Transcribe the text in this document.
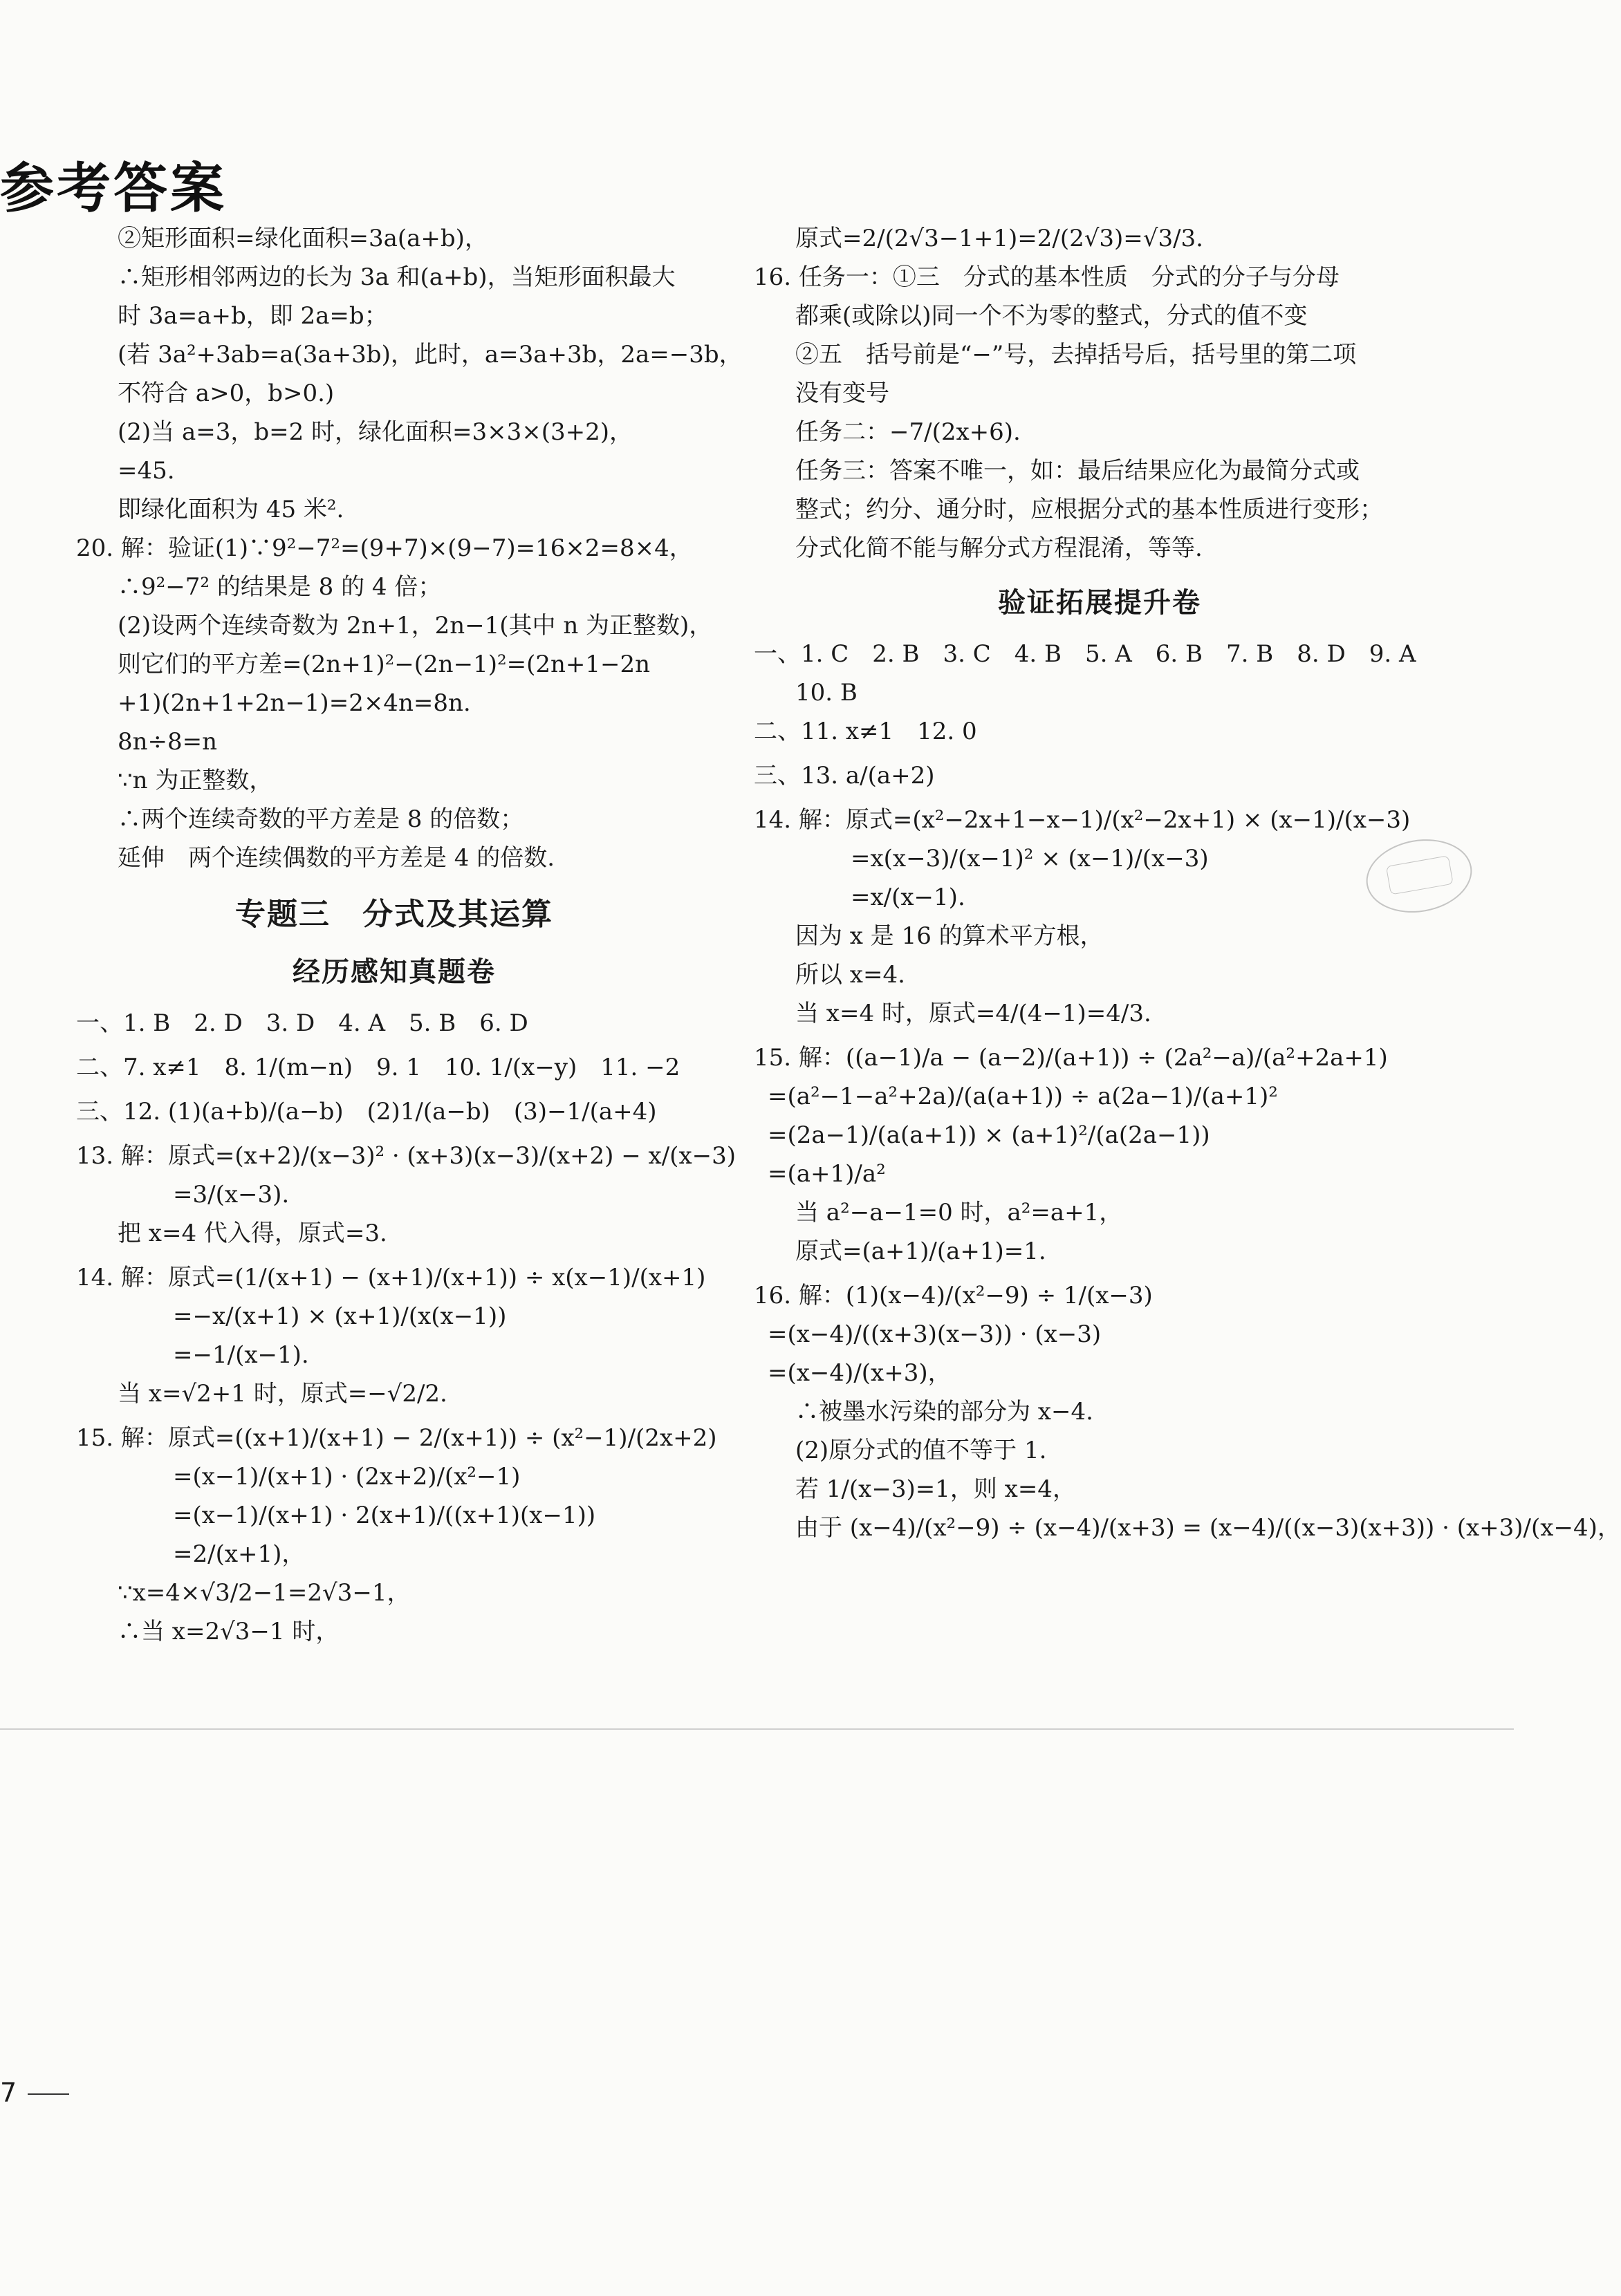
参考答案
②矩形面积=绿化面积=3a(a+b)，
∴矩形相邻两边的长为 3a 和(a+b)，当矩形面积最大
时 3a=a+b，即 2a=b；
(若 3a²+3ab=a(3a+3b)，此时，a=3a+3b，2a=−3b，
不符合 a>0，b>0.)
(2)当 a=3，b=2 时，绿化面积=3×3×(3+2)，
=45.
即绿化面积为 45 米².
20. 解：验证(1)∵9²−7²=(9+7)×(9−7)=16×2=8×4，
∴9²−7² 的结果是 8 的 4 倍；
(2)设两个连续奇数为 2n+1，2n−1(其中 n 为正整数)，
则它们的平方差=(2n+1)²−(2n−1)²=(2n+1−2n
+1)(2n+1+2n−1)=2×4n=8n.
8n÷8=n
∵n 为正整数，
∴两个连续奇数的平方差是 8 的倍数；
延伸　两个连续偶数的平方差是 4 的倍数.
专题三　分式及其运算
经历感知真题卷
一、1. B　2. D　3. D　4. A　5. B　6. D
二、7. x≠1　8. 1/(m−n)　9. 1　10. 1/(x−y)　11. −2
三、12. (1)(a+b)/(a−b)　(2)1/(a−b)　(3)−1/(a+4)
13. 解：原式=(x+2)/(x−3)² · (x+3)(x−3)/(x+2) − x/(x−3)
=3/(x−3).
把 x=4 代入得，原式=3.
14. 解：原式=(1/(x+1) − (x+1)/(x+1)) ÷ x(x−1)/(x+1)
=−x/(x+1) × (x+1)/(x(x−1))
=−1/(x−1).
当 x=√2+1 时，原式=−√2/2.
15. 解：原式=((x+1)/(x+1) − 2/(x+1)) ÷ (x²−1)/(2x+2)
=(x−1)/(x+1) · (2x+2)/(x²−1)
=(x−1)/(x+1) · 2(x+1)/((x+1)(x−1))
=2/(x+1)，
∵x=4×√3/2−1=2√3−1，
∴当 x=2√3−1 时，
原式=2/(2√3−1+1)=2/(2√3)=√3/3.
16. 任务一：①三　分式的基本性质　分式的分子与分母
都乘(或除以)同一个不为零的整式，分式的值不变
②五　括号前是“−”号，去掉括号后，括号里的第二项
没有变号
任务二：−7/(2x+6).
任务三：答案不唯一，如：最后结果应化为最简分式或
整式；约分、通分时，应根据分式的基本性质进行变形；
分式化简不能与解分式方程混淆，等等.
验证拓展提升卷
一、1. C　2. B　3. C　4. B　5. A　6. B　7. B　8. D　9. A
10. B
二、11. x≠1　12. 0
三、13. a/(a+2)
14. 解：原式=(x²−2x+1−x−1)/(x²−2x+1) × (x−1)/(x−3)
=x(x−3)/(x−1)² × (x−1)/(x−3)
=x/(x−1).
因为 x 是 16 的算术平方根，
所以 x=4.
当 x=4 时，原式=4/(4−1)=4/3.
15. 解：((a−1)/a − (a−2)/(a+1)) ÷ (2a²−a)/(a²+2a+1)
=(a²−1−a²+2a)/(a(a+1)) ÷ a(2a−1)/(a+1)²
=(2a−1)/(a(a+1)) × (a+1)²/(a(2a−1))
=(a+1)/a²
当 a²−a−1=0 时，a²=a+1，
原式=(a+1)/(a+1)=1.
16. 解：(1)(x−4)/(x²−9) ÷ 1/(x−3)
=(x−4)/((x+3)(x−3)) · (x−3)
=(x−4)/(x+3)，
∴被墨水污染的部分为 x−4.
(2)原分式的值不等于 1.
若 1/(x−3)=1，则 x=4，
由于 (x−4)/(x²−9) ÷ (x−4)/(x+3) = (x−4)/((x−3)(x+3)) · (x+3)/(x−4)，
7
